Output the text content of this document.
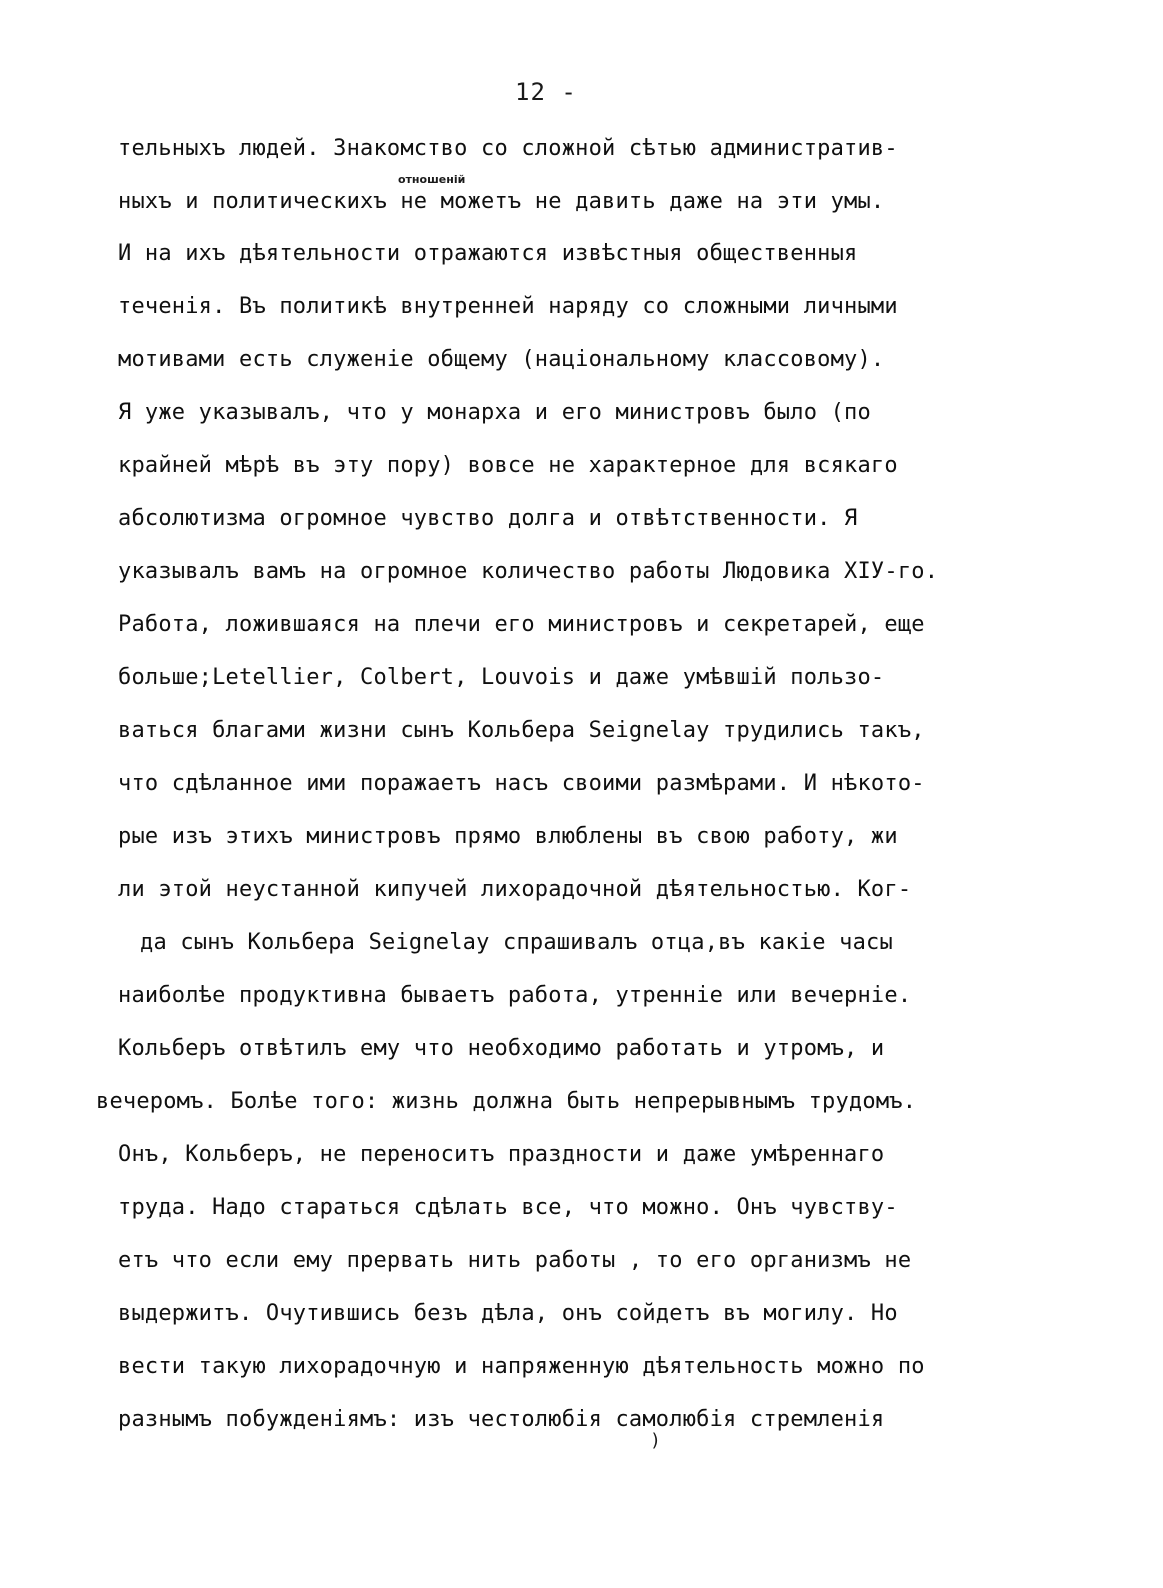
12 -
отношеній
тельныхъ людей. Знакомство со сложной сѣтью административ-
ныхъ и политическихъ не можетъ не давить даже на эти умы.
И на ихъ дѣятельности отражаются извѣстныя общественныя
теченія. Въ политикѣ внутренней наряду со сложными личными
мотивами есть служеніе общему (національному классовому).
Я уже указывалъ, что у монарха и его министровъ было (по
крайней мѣрѣ въ эту пору) вовсе не характерное для всякаго
абсолютизма огромное чувство долга и отвѣтственности. Я
указывалъ вамъ на огромное количество работы Людовика XIУ-го.
Работа, ложившаяся на плечи его министровъ и секретарей, еще
больше;Letellier, Colbert, Louvois и даже умѣвшій пользо-
ваться благами жизни сынъ Кольбера Seignelay трудились такъ,
что сдѣланное ими поражаетъ насъ своими размѣрами. И нѣкото-
рые изъ этихъ министровъ прямо влюблены въ свою работу, жи
ли этой неустанной кипучей лихорадочной дѣятельностью. Ког-
да сынъ Кольбера Seignelay спрашивалъ отца,въ какіе часы
наиболѣе продуктивна бываетъ работа, утренніе или вечерніе.
Кольберъ отвѣтилъ ему что необходимо работать и утромъ, и
вечеромъ. Болѣе того: жизнь должна быть непрерывнымъ трудомъ.
Онъ, Кольберъ, не переноситъ праздности и даже умѣреннаго
труда. Надо стараться сдѣлать все, что можно. Онъ чувству-
етъ что если ему прервать нить работы , то его организмъ не
выдержитъ. Очутившись безъ дѣла, онъ сойдетъ въ могилу. Но
вести такую лихорадочную и напряженную дѣятельность можно по
разнымъ побужденіямъ: изъ честолюбія самолюбія стремленія
)
